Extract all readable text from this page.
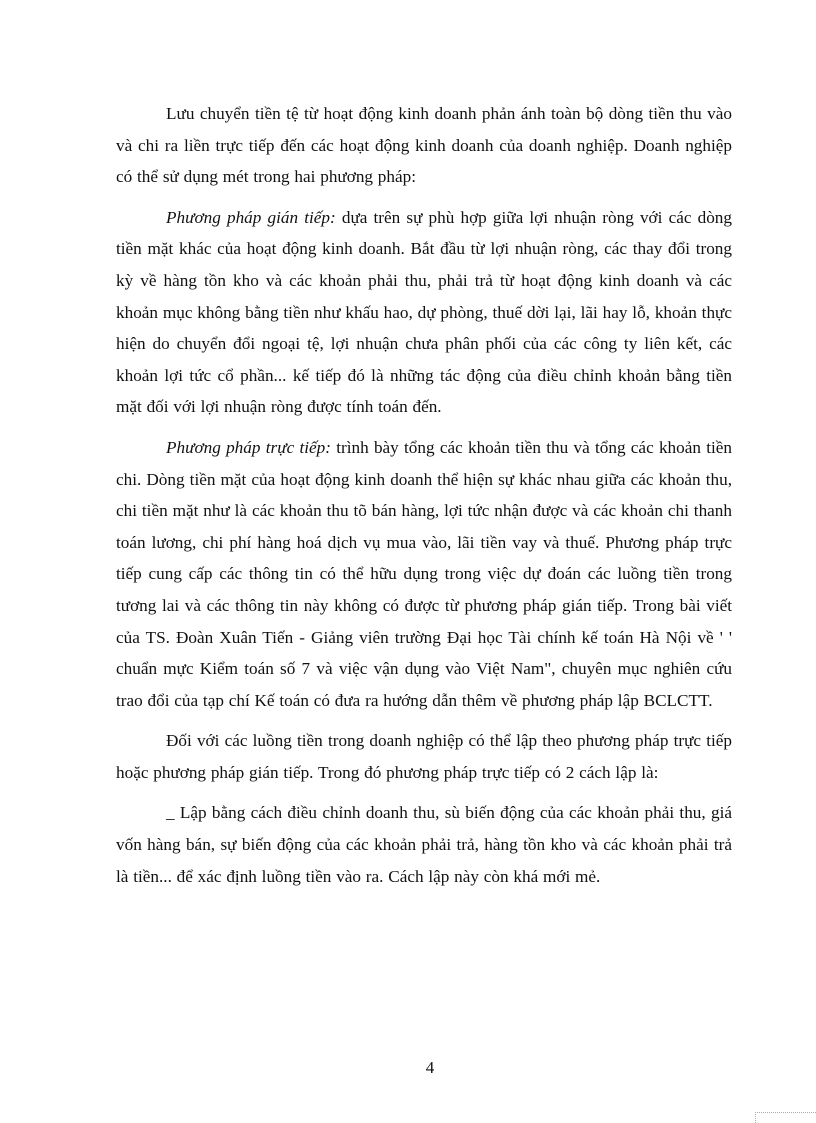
Lưu chuyển tiền tệ từ hoạt động kinh doanh phản ánh toàn bộ dòng tiền thu vào và chi ra liền trực tiếp đến các hoạt động kinh doanh của doanh nghiệp. Doanh nghiệp có thể sử dụng mét trong hai phương pháp:

Phương pháp gián tiếp: dựa trên sự phù hợp giữa lợi nhuận ròng với các dòng tiền mặt khác của hoạt động kinh doanh. Bắt đầu từ lợi nhuận ròng, các thay đổi trong kỳ về hàng tồn kho và các khoản phải thu, phải trả từ hoạt động kinh doanh và các khoản mục không bằng tiền như khấu hao, dự phòng, thuế dời lại, lãi hay lỗ, khoản thực hiện do chuyển đổi ngoại tệ, lợi nhuận chưa phân phối của các công ty liên kết, các khoản lợi tức cổ phần... kế tiếp đó là những tác động của điều chỉnh khoản bằng tiền mặt đối với lợi nhuận ròng được tính toán đến.

Phương pháp trực tiếp: trình bày tổng các khoản tiền thu và tổng các khoản tiền chi. Dòng tiền mặt của hoạt động kinh doanh thể hiện sự khác nhau giữa các khoản thu, chi tiền mặt như là các khoản thu tõ bán hàng, lợi tức nhận được và các khoản chi thanh toán lương, chi phí hàng hoá dịch vụ mua vào, lãi tiền vay và thuế. Phương pháp trực tiếp cung cấp các thông tin có thể hữu dụng trong việc dự đoán các luồng tiền trong tương lai và các thông tin này không có được từ phương pháp gián tiếp. Trong bài viết của TS. Đoàn Xuân Tiến - Giảng viên trường Đại học Tài chính kế toán Hà Nội về ' ' chuẩn mực Kiểm toán số 7 và việc vận dụng vào Việt Nam", chuyên mục nghiên cứu trao đổi của tạp chí Kế toán có đưa ra hướng dẫn thêm về phương pháp lập BCLCTT.

Đối với các luồng tiền trong doanh nghiệp có thể lập theo phương pháp trực tiếp hoặc phương pháp gián tiếp. Trong đó phương pháp trực tiếp có 2 cách lập là:

_ Lập bằng cách điều chỉnh doanh thu, sù biến động của các khoản phải thu, giá vốn hàng bán, sự biến động của các khoản phải trả, hàng tồn kho và các khoản phải trả là tiền... để xác định luồng tiền vào ra. Cách lập này còn khá mới mẻ.

4
